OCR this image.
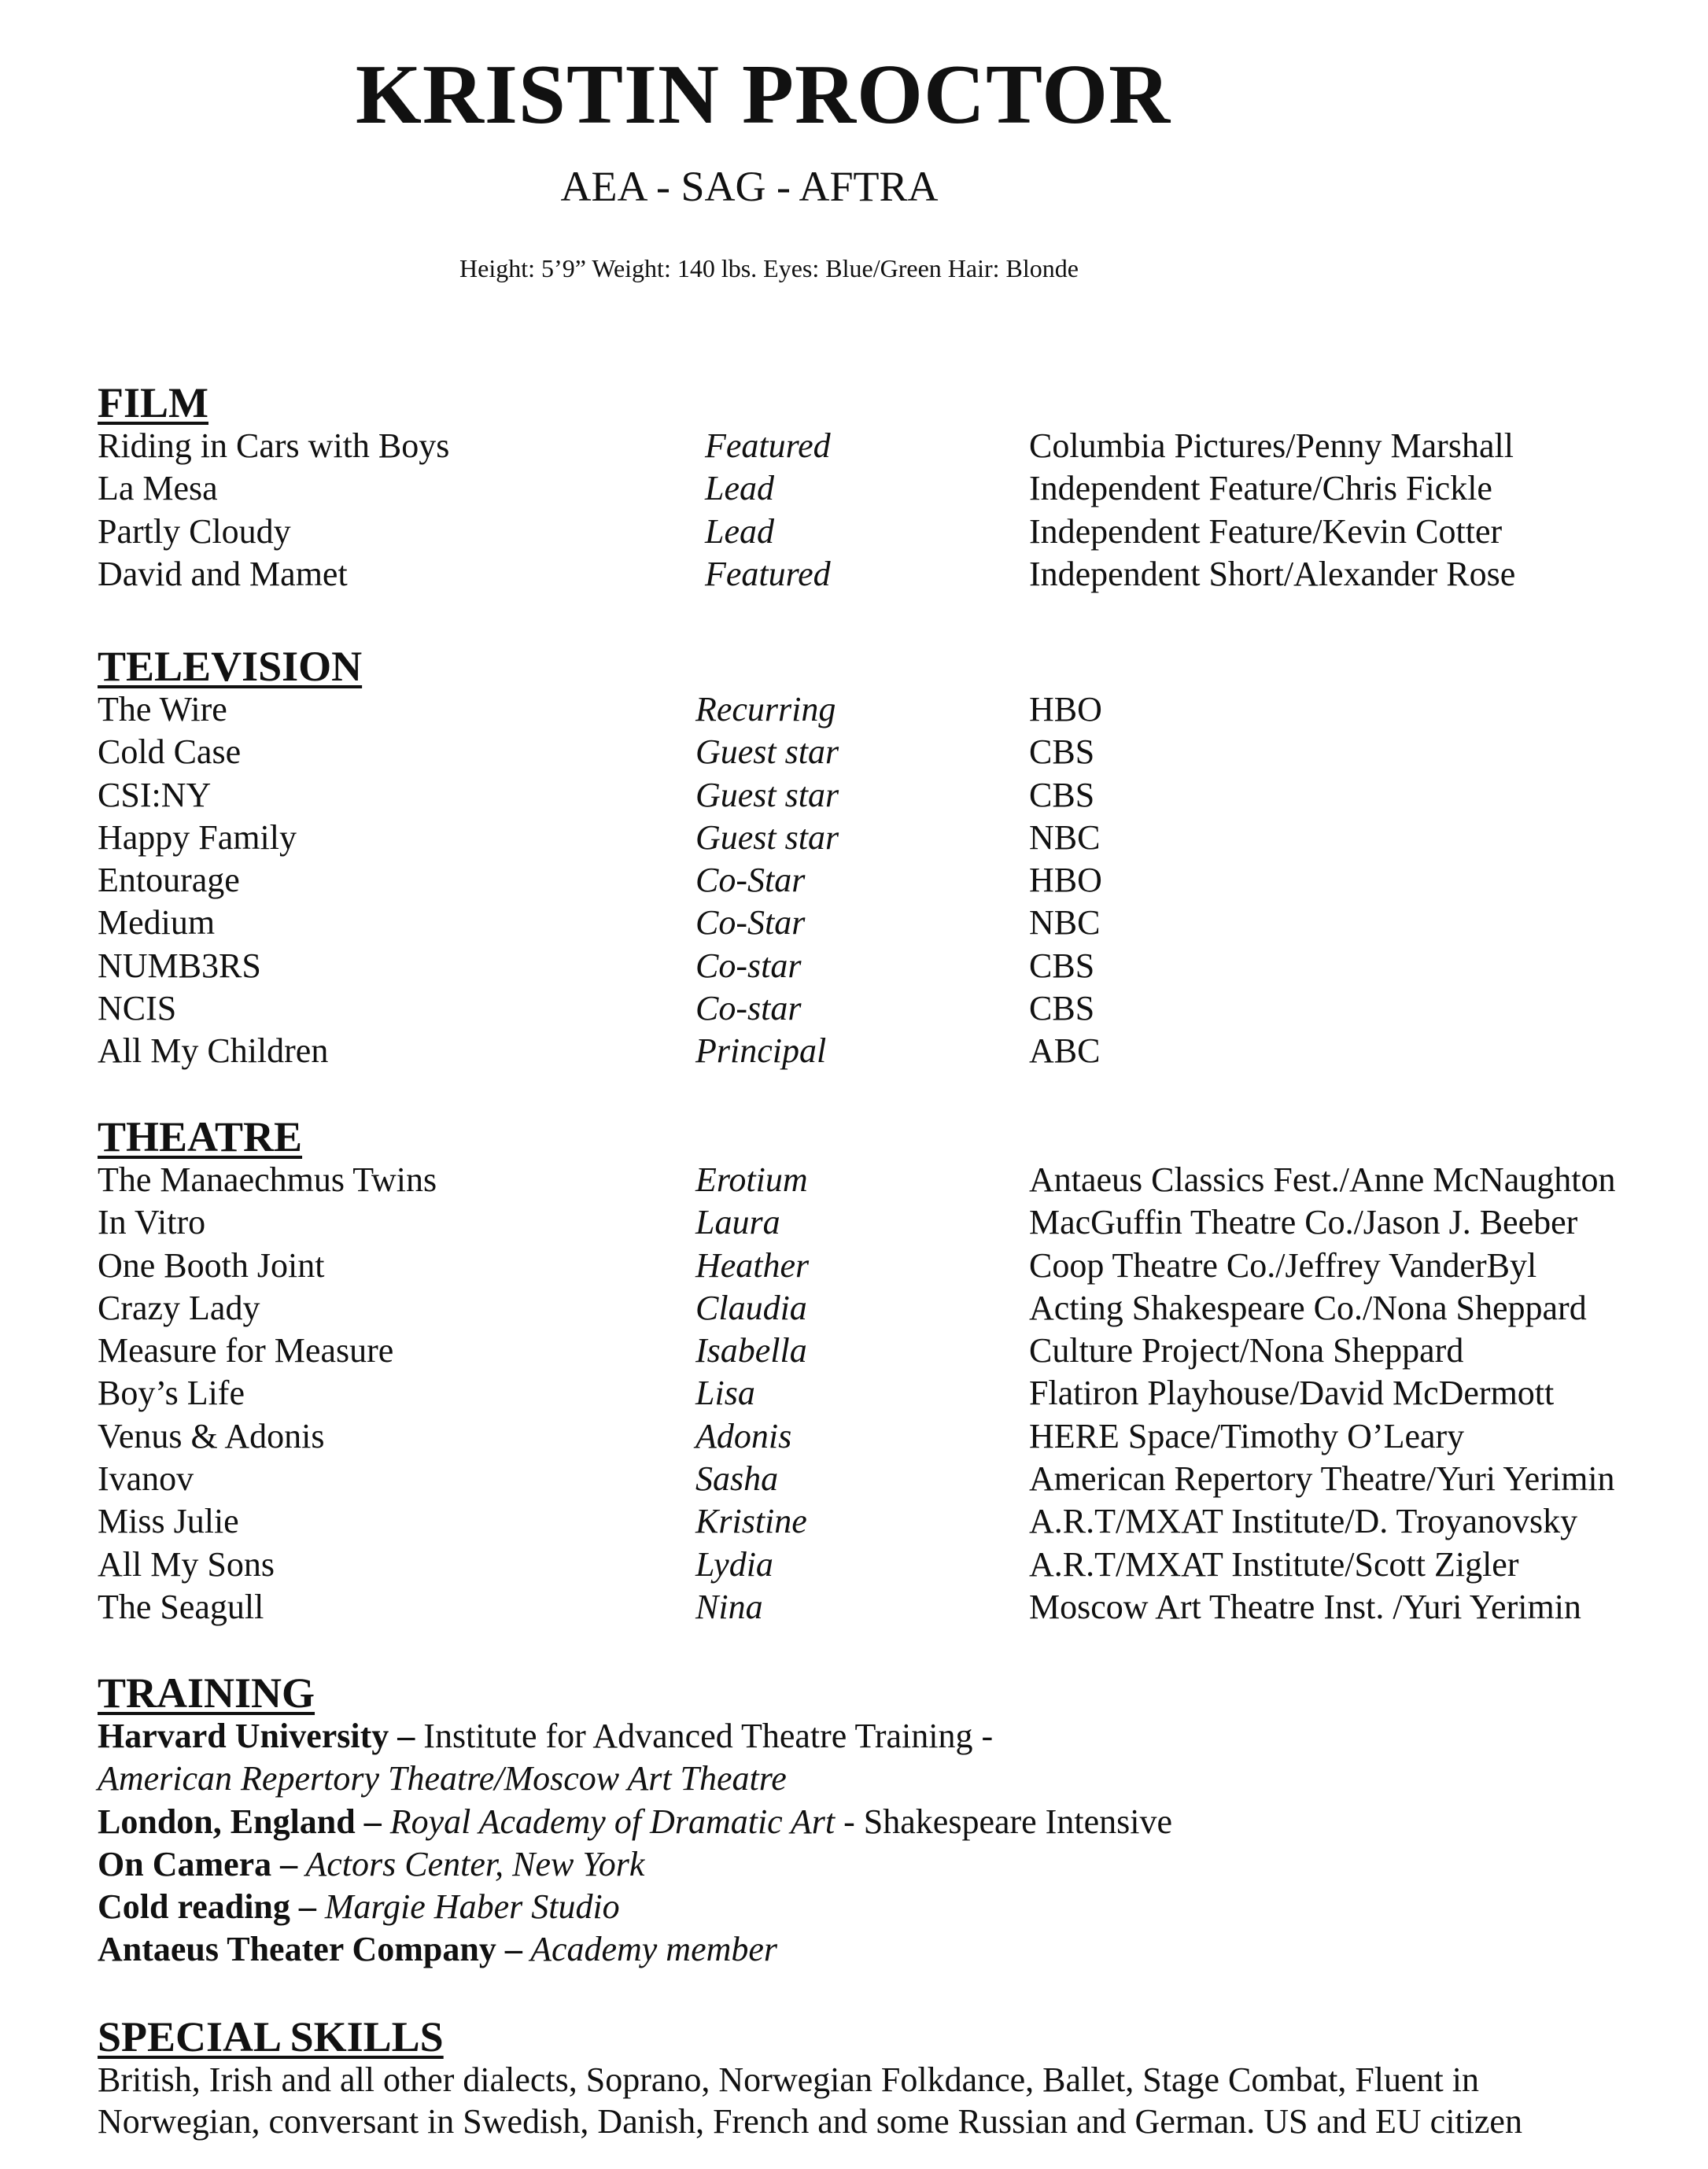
KRISTIN PROCTOR
AEA - SAG - AFTRA
Height: 5’9” Weight: 140 lbs. Eyes: Blue/Green Hair: Blonde
FILM
Riding in Cars with Boys	Featured	Columbia Pictures/Penny Marshall
La Mesa	Lead	Independent Feature/Chris Fickle
Partly Cloudy	Lead	Independent Feature/Kevin Cotter
David and Mamet	Featured	Independent Short/Alexander Rose
TELEVISION
The Wire	Recurring	HBO
Cold Case	Guest star	CBS
CSI:NY	Guest star	CBS
Happy Family	Guest star	NBC
Entourage	Co-Star	HBO
Medium	Co-Star	NBC
NUMB3RS	Co-star	CBS
NCIS	Co-star	CBS
All My Children	Principal	ABC
THEATRE
The Manaechmus Twins	Erotium	Antaeus Classics Fest./Anne McNaughton
In Vitro	Laura	MacGuffin Theatre Co./Jason J. Beeber
One Booth Joint	Heather	Coop Theatre Co./Jeffrey VanderByl
Crazy Lady	Claudia	Acting Shakespeare Co./Nona Sheppard
Measure for Measure	Isabella	Culture Project/Nona Sheppard
Boy’s Life	Lisa	Flatiron Playhouse/David McDermott
Venus & Adonis	Adonis	HERE Space/Timothy O’Leary
Ivanov	Sasha	American Repertory Theatre/Yuri Yerimin
Miss Julie	Kristine	A.R.T/MXAT Institute/D. Troyanovsky
All My Sons	Lydia	A.R.T/MXAT Institute/Scott Zigler
The Seagull	Nina	Moscow Art Theatre Inst. /Yuri Yerimin
TRAINING
Harvard University – Institute for Advanced Theatre Training -
American Repertory Theatre/Moscow Art Theatre
London, England – Royal Academy of Dramatic Art - Shakespeare Intensive
On Camera – Actors Center, New York
Cold reading – Margie Haber Studio
Antaeus Theater Company – Academy member
SPECIAL SKILLS
British, Irish and all other dialects, Soprano, Norwegian Folkdance, Ballet, Stage Combat, Fluent in
Norwegian, conversant in Swedish, Danish, French and some Russian and German. US and EU citizen
